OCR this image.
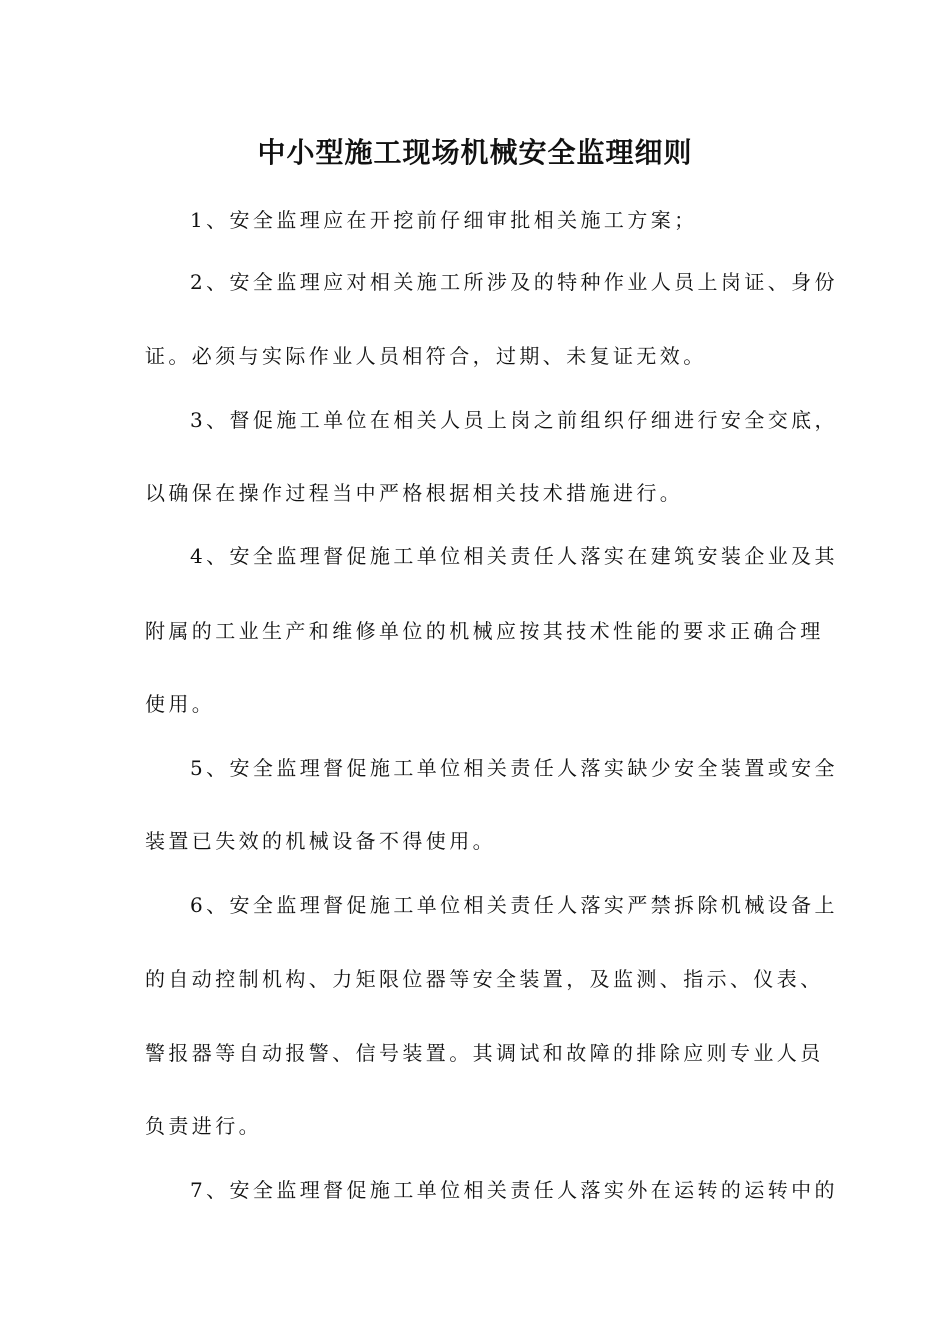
中小型施工现场机械安全监理细则
1、安全监理应在开挖前仔细审批相关施工方案；
2、安全监理应对相关施工所涉及的特种作业人员上岗证、身份
证。必须与实际作业人员相符合，过期、未复证无效。
3、督促施工单位在相关人员上岗之前组织仔细进行安全交底，
以确保在操作过程当中严格根据相关技术措施进行。
4、安全监理督促施工单位相关责任人落实在建筑安装企业及其
附属的工业生产和维修单位的机械应按其技术性能的要求正确合理
使用。
5、安全监理督促施工单位相关责任人落实缺少安全装置或安全
装置已失效的机械设备不得使用。
6、安全监理督促施工单位相关责任人落实严禁拆除机械设备上
的自动控制机构、力矩限位器等安全装置，及监测、指示、仪表、
警报器等自动报警、信号装置。其调试和故障的排除应则专业人员
负责进行。
7、安全监理督促施工单位相关责任人落实外在运转的运转中的
